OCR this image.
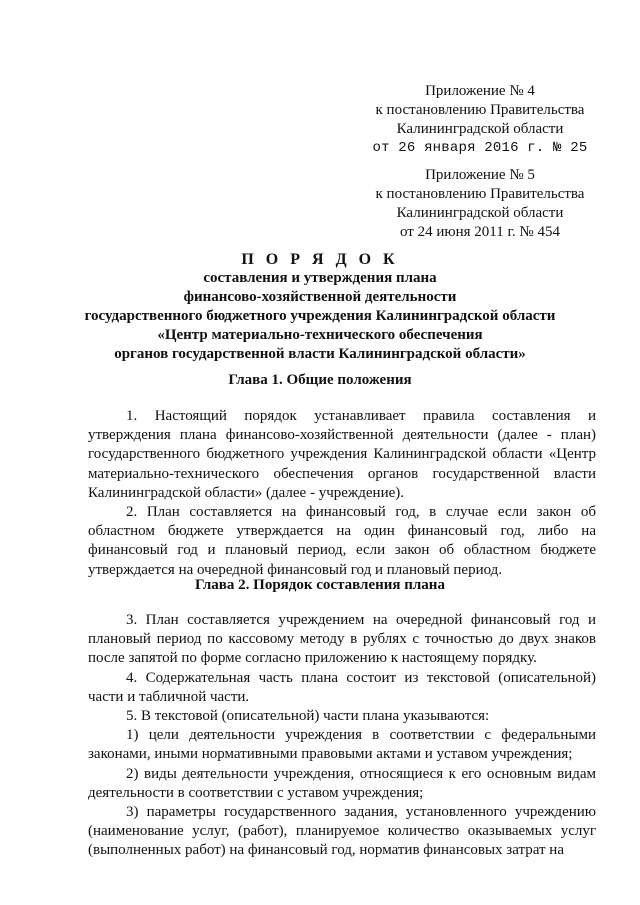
Приложение № 4
к постановлению Правительства
Калининградской области
от 26 января 2016 г. № 25
Приложение № 5
к постановлению Правительства
Калининградской области
от 24 июня 2011 г. № 454
П О Р Я Д О К
составления и утверждения плана
финансово-хозяйственной деятельности
государственного бюджетного учреждения Калининградской области
«Центр материально-технического обеспечения
органов государственной власти Калининградской области»
Глава 1. Общие положения

1. Настоящий порядок устанавливает правила составления и утверждения плана финансово-хозяйственной деятельности (далее - план) государственного бюджетного учреждения Калининградской области «Центр материально-технического обеспечения органов государственной власти Калининградской области» (далее - учреждение).

2. План составляется на финансовый год, в случае если закон об областном бюджете утверждается на один финансовый год, либо на финансовый год и плановый период, если закон об областном бюджете утверждается на очередной финансовый год и плановый период.

Глава 2. Порядок составления плана

3. План составляется учреждением на очередной финансовый год и плановый период по кассовому методу в рублях с точностью до двух знаков после запятой по форме согласно приложению к настоящему порядку.

4. Содержательная часть плана состоит из текстовой (описательной) части и табличной части.

5. В текстовой (описательной) части плана указываются:

1) цели деятельности учреждения в соответствии с федеральными законами, иными нормативными правовыми актами и уставом учреждения;

2) виды деятельности учреждения, относящиеся к его основным видам деятельности в соответствии с уставом учреждения;

3) параметры государственного задания, установленного учреждению (наименование услуг, (работ), планируемое количество оказываемых услуг (выполненных работ) на финансовый год, норматив финансовых затрат на
